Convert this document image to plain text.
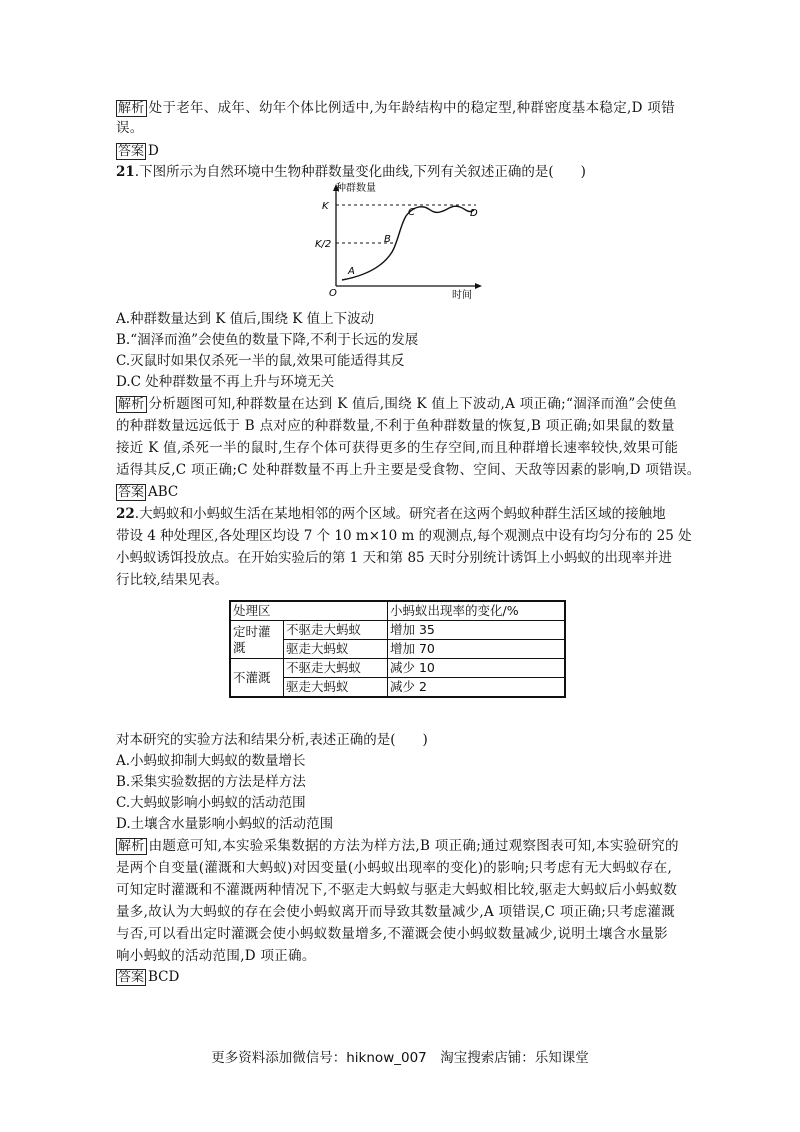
解析 处于老年、成年、幼年个体比例适中,为年龄结构中的稳定型,种群密度基本稳定,D 项错
误。
答案 D
21.下图所示为自然环境中生物种群数量变化曲线,下列有关叙述正确的是(　　)
种群数量
K
K/2
O	时间
A
B
C	D
A.种群数量达到 K 值后,围绕 K 值上下波动
B.“涸泽而渔”会使鱼的数量下降,不利于长远的发展
C.灭鼠时如果仅杀死一半的鼠,效果可能适得其反
D.C 处种群数量不再上升与环境无关
解析 分析题图可知,种群数量在达到 K 值后,围绕 K 值上下波动,A 项正确;“涸泽而渔”会使鱼
的种群数量远远低于 B 点对应的种群数量,不利于鱼种群数量的恢复,B 项正确;如果鼠的数量
接近 K 值,杀死一半的鼠时,生存个体可获得更多的生存空间,而且种群增长速率较快,效果可能
适得其反,C 项正确;C 处种群数量不再上升主要是受食物、空间、天敌等因素的影响,D 项错误。
答案 ABC
22.大蚂蚁和小蚂蚁生活在某地相邻的两个区域。研究者在这两个蚂蚁种群生活区域的接触地
带设 4 种处理区,各处理区均设 7 个 10 m×10 m 的观测点,每个观测点中设有均匀分布的 25 处
小蚂蚁诱饵投放点。在开始实验后的第 1 天和第 85 天时分别统计诱饵上小蚂蚁的出现率并进
行比较,结果见表。
处理区		小蚂蚁出现率的变化/%
定时灌溉	不驱走大蚂蚁	增加 35
	驱走大蚂蚁	增加 70
不灌溉	不驱走大蚂蚁	减少 10
	驱走大蚂蚁	减少 2
对本研究的实验方法和结果分析,表述正确的是(　　)
A.小蚂蚁抑制大蚂蚁的数量增长
B.采集实验数据的方法是样方法
C.大蚂蚁影响小蚂蚁的活动范围
D.土壤含水量影响小蚂蚁的活动范围
解析 由题意可知,本实验采集数据的方法为样方法,B 项正确;通过观察图表可知,本实验研究的
是两个自变量(灌溉和大蚂蚁)对因变量(小蚂蚁出现率的变化)的影响;只考虑有无大蚂蚁存在,
可知定时灌溉和不灌溉两种情况下,不驱走大蚂蚁与驱走大蚂蚁相比较,驱走大蚂蚁后小蚂蚁数
量多,故认为大蚂蚁的存在会使小蚂蚁离开而导致其数量减少,A 项错误,C 项正确;只考虑灌溉
与否,可以看出定时灌溉会使小蚂蚁数量增多,不灌溉会使小蚂蚁数量减少,说明土壤含水量影
响小蚂蚁的活动范围,D 项正确。
答案 BCD
更多资料添加微信号：hiknow_007　淘宝搜索店铺：乐知课堂
